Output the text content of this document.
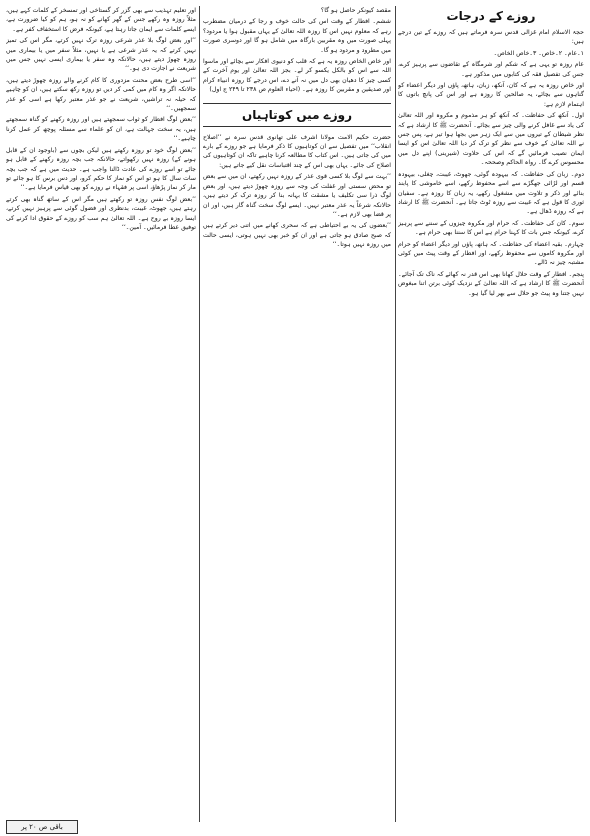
روزے کے درجات

حجۃ الاسلام امام غزالی قدس سرہ فرماتے ہیں کہ روزے کے تین درجے ہیں:

۱۔عام۔ ۲۔خاص۔ ۳۔خاص الخاص۔

عام روزہ تو یہی ہے کہ شکم اور شرمگاہ کے تقاضوں سے پرہیز کرے، جس کی تفصیل فقہ کی کتابوں میں مذکور ہے۔

اور خاص روزہ یہ ہے کہ کان، آنکھ، زبان، ہاتھ، پاؤں اور دیگر اعضاء کو گناہوں سے بچائے، یہ صالحین کا روزہ ہے اور اس کی پانچ باتوں کا اہتمام لازم ہے:

اول۔ آنکھ کی حفاظت۔ کہ آنکھ کو ہر مذموم و مکروہ اور اللہ تعالیٰ کی یاد سے غافل کرنے والی چیز سے بچائے۔ آنحضرت ﷺ کا ارشاد ہے کہ نظر شیطان کے تیروں میں سے ایک زہر میں بجھا ہوا تیر ہے، پس جس نے اللہ تعالیٰ کے خوف سے نظر کو ترک کر دیا اللہ تعالیٰ اس کو ایسا ایمان نصیب فرمائیں گے کہ اس کی حلاوت (شیرینی) اپنے دل میں محسوس کرے گا۔ رواہ الحاکم وصححہ۔

دوم۔ زبان کی حفاظت۔ کہ بیہودہ گوئی، جھوٹ، غیبت، چغلی، بیہودہ قسم اور لڑائی جھگڑے سے اسے محفوظ رکھے، اسے خاموشی کا پابند بنائے اور ذکر و تلاوت میں مشغول رکھے، یہ زبان کا روزہ ہے۔ سفیان ثوری کا قول ہے کہ غیبت سے روزہ ٹوٹ جاتا ہے۔ آنحضرت ﷺ کا ارشاد ہے کہ روزہ ڈھال ہے۔

سوم۔ کان کی حفاظت۔ کہ حرام اور مکروہ چیزوں کے سننے سے پرہیز کرے، کیونکہ جس بات کا کہنا حرام ہے اس کا سننا بھی حرام ہے۔

چہارم۔ بقیہ اعضاء کی حفاظت۔ کہ ہاتھ، پاؤں اور دیگر اعضاء کو حرام اور مکروہ کاموں سے محفوظ رکھے، اور افطار کے وقت پیٹ میں کوئی مشتبہ چیز نہ ڈالے۔

پنجم۔ افطار کے وقت حلال کھانا بھی اس قدر نہ کھائے کہ ناک تک آجائے۔ آنحضرت ﷺ کا ارشاد ہے کہ اللہ تعالیٰ کے نزدیک کوئی برتن اتنا مبغوض نہیں جتنا وہ پیٹ جو حلال سے بھر لیا گیا ہو۔

مقصد کیونکر حاصل ہو گا؟

ششم۔ افطار کے وقت اس کی حالت خوف و رجا کے درمیان مضطرب رہے کہ معلوم نہیں اس کا روزہ اللہ تعالیٰ کے یہاں مقبول ہوا یا مردود؟ پہلی صورت میں وہ مقربین بارگاہ میں شامل ہو گا اور دوسری صورت میں مطرود و مردود ہو گا۔

اور خاص الخاص روزہ یہ ہے کہ قلب کو دنیوی افکار سے بچائے اور ماسوا اللہ سے اس کو بالکل یکسو کر لے۔ بجز اللہ تعالیٰ اور یوم آخرت کے کسی چیز کا دھیان بھی دل میں نہ آنے دے، اس درجے کا روزہ انبیاء کرام اور صدیقین و مقربین کا روزہ ہے۔ (احیاء العلوم ص ۲۳۸ تا ۲۴۹ ج اول)

روزے میں کوتاہیاں

حضرت حکیم الامت مولانا اشرف علی تھانوی قدس سرہ نے ’’اصلاح انقلاب‘‘ میں تفصیل سے ان کوتاہیوں کا ذکر فرمایا ہے جو روزے کے بارے میں کی جاتی ہیں۔ اس کتاب کا مطالعہ کرنا چاہیے تاکہ ان کوتاہیوں کی اصلاح کی جائے۔ یہاں بھی اس کے چند اقتباسات نقل کیے جاتے ہیں:

’’بہت سے لوگ بلا کسی قوی عذر کے روزہ نہیں رکھتے، ان میں سے بعض تو محض سستی اور غفلت کی وجہ سے روزہ چھوڑ دیتے ہیں، اور بعض لوگ ذرا سی تکلیف یا مشقت کا بہانہ بنا کر روزہ ترک کر دیتے ہیں، حالانکہ شرعاً یہ عذر معتبر نہیں۔ ایسے لوگ سخت گناہ گار ہیں، اور ان پر قضا بھی لازم ہے۔‘‘

’’بعضوں کی یہ بے احتیاطی ہے کہ سحری کھانے میں اتنی دیر کرتے ہیں کہ صبح صادق ہو جاتی ہے اور ان کو خبر بھی نہیں ہوتی، ایسی حالت میں روزہ نہیں ہوتا۔‘‘

اور تعلیم تہذیب سے بھی گزر کر گستاخی اور تمسخر کے کلمات کہے ہیں، مثلاً روزہ وہ رکھے جس کے گھر کھانے کو نہ ہو، ہم کو کیا ضرورت ہے، ایسے کلمات سے ایمان جاتا رہتا ہے، کیونکہ فرض کا استخفاف کفر ہے۔

’’اور بعض لوگ بلا عذر شرعی روزہ ترک نہیں کرتے، مگر اس کی تمیز نہیں کرتے کہ یہ عذر شرعی ہے یا نہیں، مثلاً سفر میں یا بیماری میں روزہ چھوڑ دیتے ہیں، حالانکہ وہ سفر یا بیماری ایسی نہیں جس میں شریعت نے اجازت دی ہو۔‘‘

’’اسی طرح بعض محنت مزدوری کا کام کرنے والے روزہ چھوڑ دیتے ہیں، حالانکہ اگر وہ کام میں کمی کر دیں تو روزہ رکھ سکتے ہیں، ان کو چاہیے کہ حیلہ نہ تراشیں، شریعت نے جو عذر معتبر رکھا ہے اسی کو عذر سمجھیں۔‘‘

’’بعض لوگ افطار کو ثواب سمجھتے ہیں اور روزہ رکھنے کو گناہ سمجھتے ہیں، یہ سخت جہالت ہے، ان کو علماء سے مسئلہ پوچھ کر عمل کرنا چاہیے۔‘‘

’’بعض لوگ خود تو روزہ رکھتے ہیں لیکن بچوں سے (باوجود ان کے قابل ہونے کے) روزہ نہیں رکھواتے، حالانکہ جب بچہ روزہ رکھنے کے قابل ہو جائے تو اسے روزے کی عادت ڈالنا واجب ہے۔ حدیث میں ہے کہ جب بچہ سات سال کا ہو تو اس کو نماز کا حکم کرو، اور دس برس کا ہو جائے تو مار کر نماز پڑھاؤ، اسی پر فقہاء نے روزے کو بھی قیاس فرمایا ہے۔‘‘

’’بعض لوگ نفس روزہ تو رکھتے ہیں مگر اس کے ساتھ گناہ بھی کرتے رہتے ہیں، جھوٹ، غیبت، بدنظری اور فضول گوئی سے پرہیز نہیں کرتے، ایسا روزہ بے روح ہے۔ اللہ تعالیٰ ہم سب کو روزے کے حقوق ادا کرنے کی توفیق عطا فرمائیں۔ آمین۔‘‘

باقی ص ۲۰ پر
